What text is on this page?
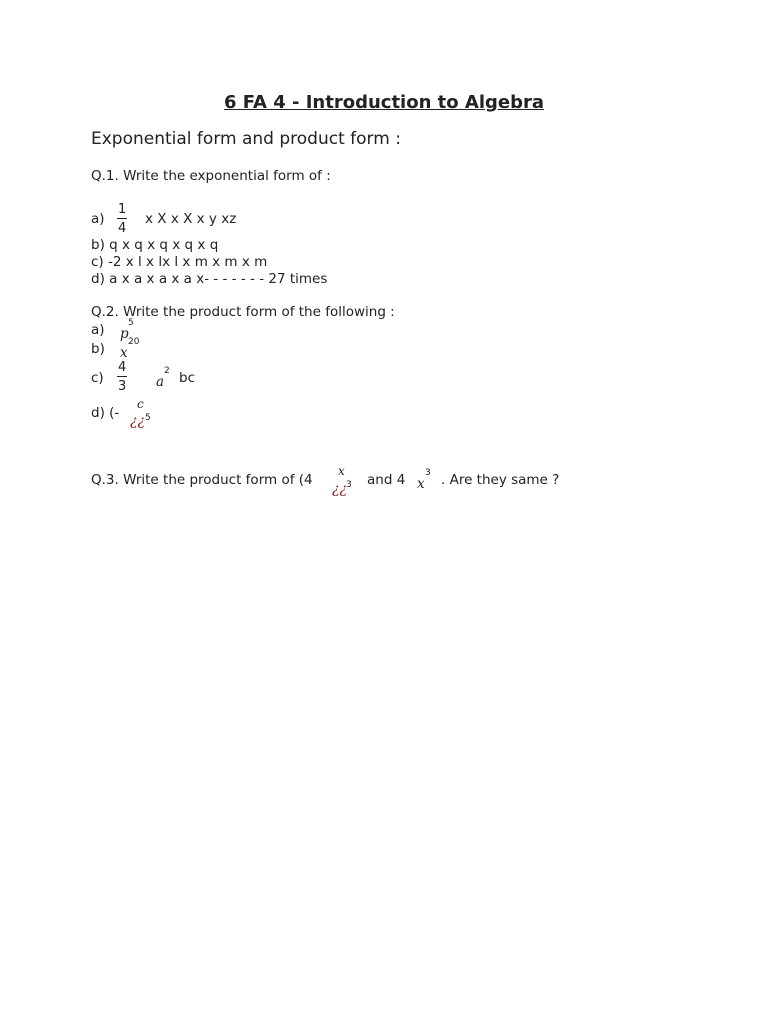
6 FA 4 - Introduction to Algebra
Exponential form and product form :
Q.1. Write the exponential form of :
$a) \frac{1}{4}$ x X x X x y xz
b) q x q x q x q x q
c) -2 x l x lx l x m x m x m
d) a x a x a x a x- - - - - - - 27 times
Q.2. Write the product form of the following :
a) p
5
b) x
20
$c) \frac{4}{3}$ a
2 bc
d) (-
c
¿¿ 5
Q.3. Write the product form of (4
x
¿¿
3 and 4 x
3 . Are they same ?
